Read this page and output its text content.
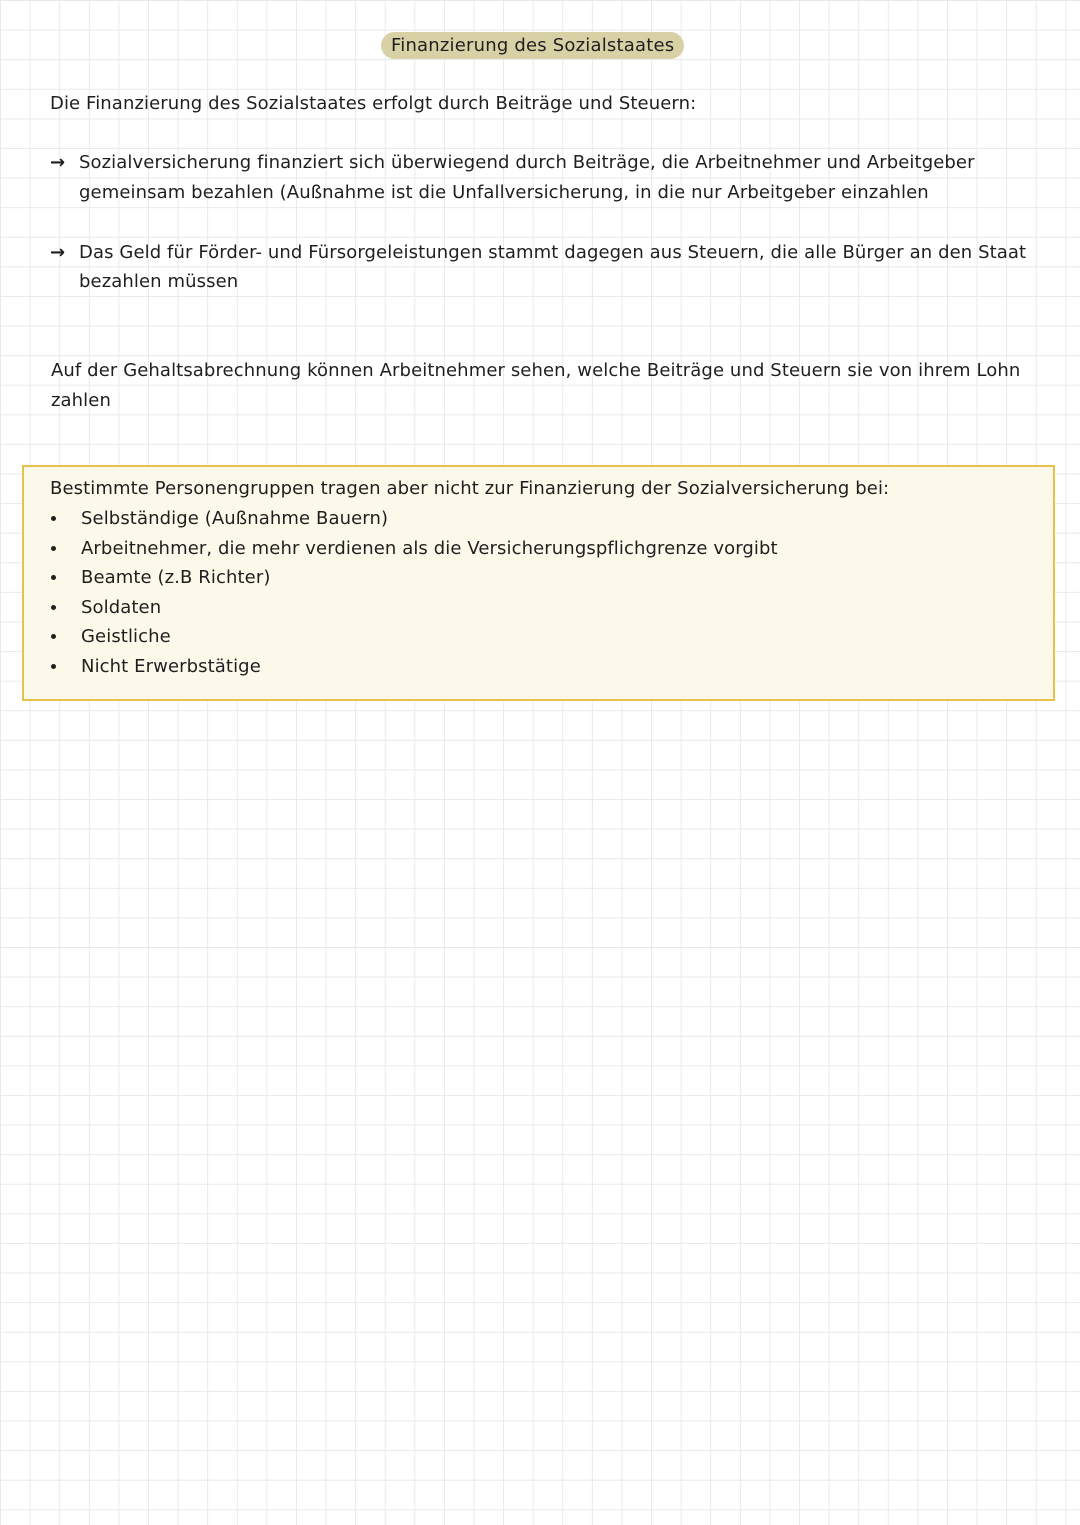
Finanzierung des Sozialstaates
Die Finanzierung des Sozialstaates erfolgt durch Beiträge und Steuern:
→ Sozialversicherung finanziert sich überwiegend durch Beiträge, die Arbeitnehmer und Arbeitgeber
gemeinsam bezahlen (Außnahme ist die Unfallversicherung, in die nur Arbeitgeber einzahlen
→ Das Geld für Förder- und Fürsorgeleistungen stammt dagegen aus Steuern, die alle Bürger an den Staat
bezahlen müssen
Auf der Gehaltsabrechnung können Arbeitnehmer sehen, welche Beiträge und Steuern sie von ihrem Lohn
zahlen
Bestimmte Personengruppen tragen aber nicht zur Finanzierung der Sozialversicherung bei:
Selbständige (Außnahme Bauern)
Arbeitnehmer, die mehr verdienen als die Versicherungspflichgrenze vorgibt
Beamte (z.B Richter)
Soldaten
Geistliche
Nicht Erwerbstätige
